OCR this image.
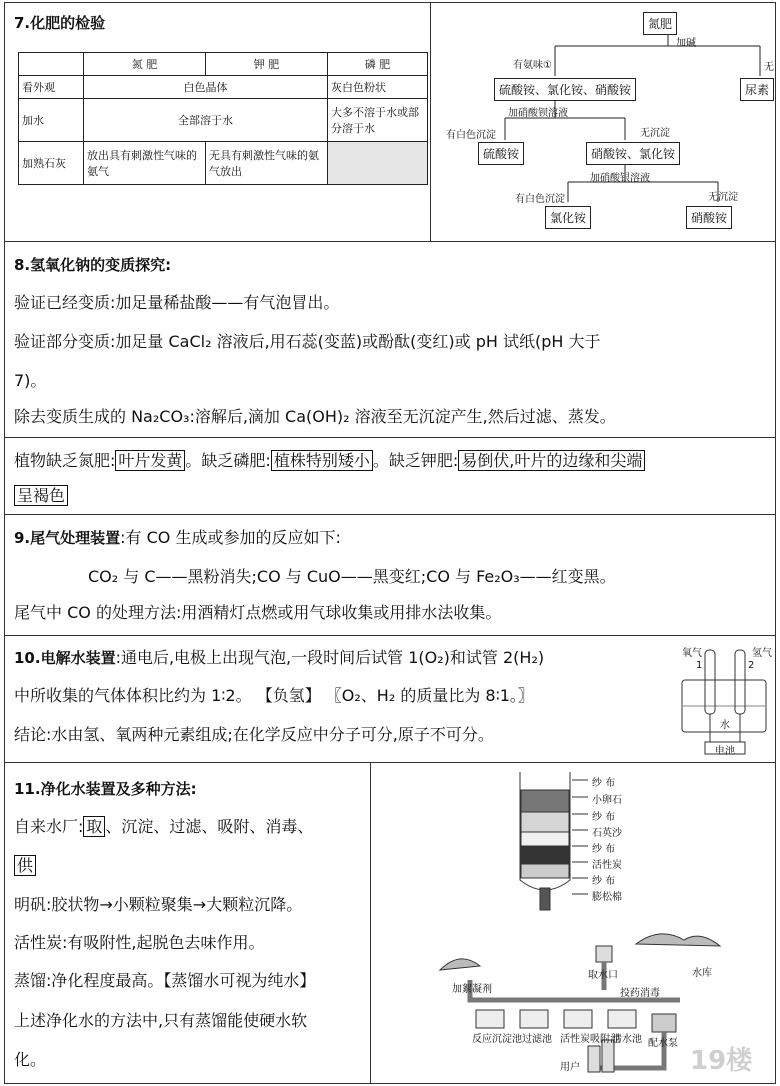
7.化肥的检验
	氮 肥	钾 肥	磷 肥
看外观	白色晶体		灰白色粉状
加水	全部溶于水		大多不溶于水或部分溶于水
加熟石灰	放出具有刺激性气味的氨气	无具有刺激性气味的氨气放出	
氮肥
加碱
有氨味①	无
硫酸铵、氯化铵、硝酸铵	尿素
加硝酸钡溶液
有白色沉淀	无沉淀
硫酸铵	硝酸铵、氯化铵
加硝酸银溶液
有白色沉淀	无沉淀
氯化铵	硝酸铵
8.氢氧化钠的变质探究:
验证已经变质:加足量稀盐酸——有气泡冒出。
验证部分变质:加足量 CaCl₂ 溶液后,用石蕊(变蓝)或酚酞(变红)或 pH 试纸(pH 大于
7)。
除去变质生成的 Na₂CO₃:溶解后,滴加 Ca(OH)₂ 溶液至无沉淀产生,然后过滤、蒸发。
植物缺乏氮肥: 叶片发黄 。缺乏磷肥: 植株特别矮小 。缺乏钾肥: 易倒伏,叶片的边缘和尖端
呈褐色
9.尾气处理装置:有 CO 生成或参加的反应如下:
CO₂ 与 C——黑粉消失;CO 与 CuO——黑变红;CO 与 Fe₂O₃——红变黑。
尾气中 CO 的处理方法:用酒精灯点燃或用气球收集或用排水法收集。
10.电解水装置:通电后,电极上出现气泡,一段时间后试管 1(O₂)和试管 2(H₂)
中所收集的气体体积比约为 1∶2。 【负氢】 〖O₂、H₂ 的质量比为 8∶1。〗
结论:水由氢、氧两种元素组成;在化学反应中分子可分,原子不可分。
氧气	氢气
1	2
水
电池
11.净化水装置及多种方法:
自来水厂: 取 、沉淀、过滤、吸附、消毒、
供
明矾:胶状物→小颗粒聚集→大颗粒沉降。
活性炭:有吸附性,起脱色去味作用。
蒸馏:净化程度最高。【蒸馏水可视为纯水】
上述净化水的方法中,只有蒸馏能使硬水软
化。
纱 布
小卵石
纱 布
石英沙
纱 布
活性炭
纱 布
膨松棉
取水口	水库
加絮凝剂	投药消毒
反应沉淀池 过滤池 活性炭吸附池
清水池 配水泵
用户	19楼
